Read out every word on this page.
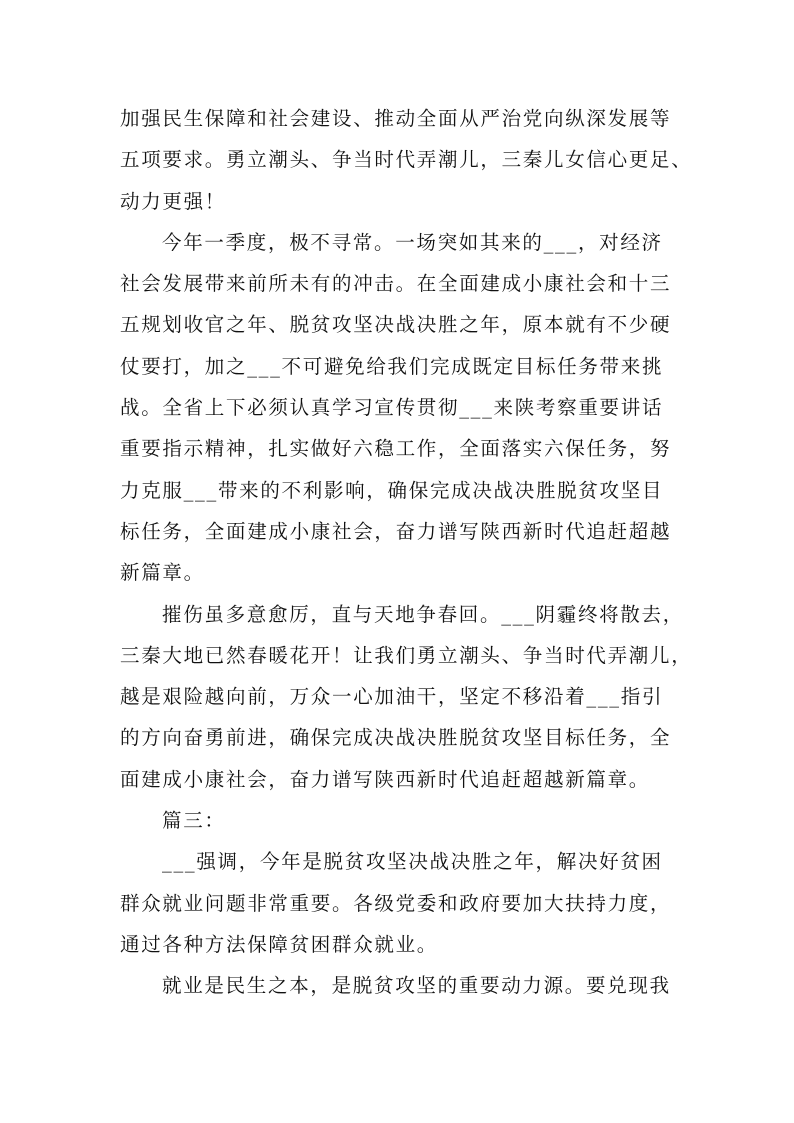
加强民生保障和社会建设、推动全面从严治党向纵深发展等
五项要求。勇立潮头、争当时代弄潮儿，三秦儿女信心更足、
动力更强！
今年一季度，极不寻常。一场突如其来的___，对经济
社会发展带来前所未有的冲击。在全面建成小康社会和十三
五规划收官之年、脱贫攻坚决战决胜之年，原本就有不少硬
仗要打，加之___不可避免给我们完成既定目标任务带来挑
战。全省上下必须认真学习宣传贯彻___来陕考察重要讲话
重要指示精神，扎实做好六稳工作，全面落实六保任务，努
力克服___带来的不利影响，确保完成决战决胜脱贫攻坚目
标任务，全面建成小康社会，奋力谱写陕西新时代追赶超越
新篇章。
摧伤虽多意愈厉，直与天地争春回。___阴霾终将散去，
三秦大地已然春暖花开！让我们勇立潮头、争当时代弄潮儿，
越是艰险越向前，万众一心加油干，坚定不移沿着___指引
的方向奋勇前进，确保完成决战决胜脱贫攻坚目标任务，全
面建成小康社会，奋力谱写陕西新时代追赶超越新篇章。
篇三：
___强调，今年是脱贫攻坚决战决胜之年，解决好贫困
群众就业问题非常重要。各级党委和政府要加大扶持力度，
通过各种方法保障贫困群众就业。
就业是民生之本，是脱贫攻坚的重要动力源。要兑现我
